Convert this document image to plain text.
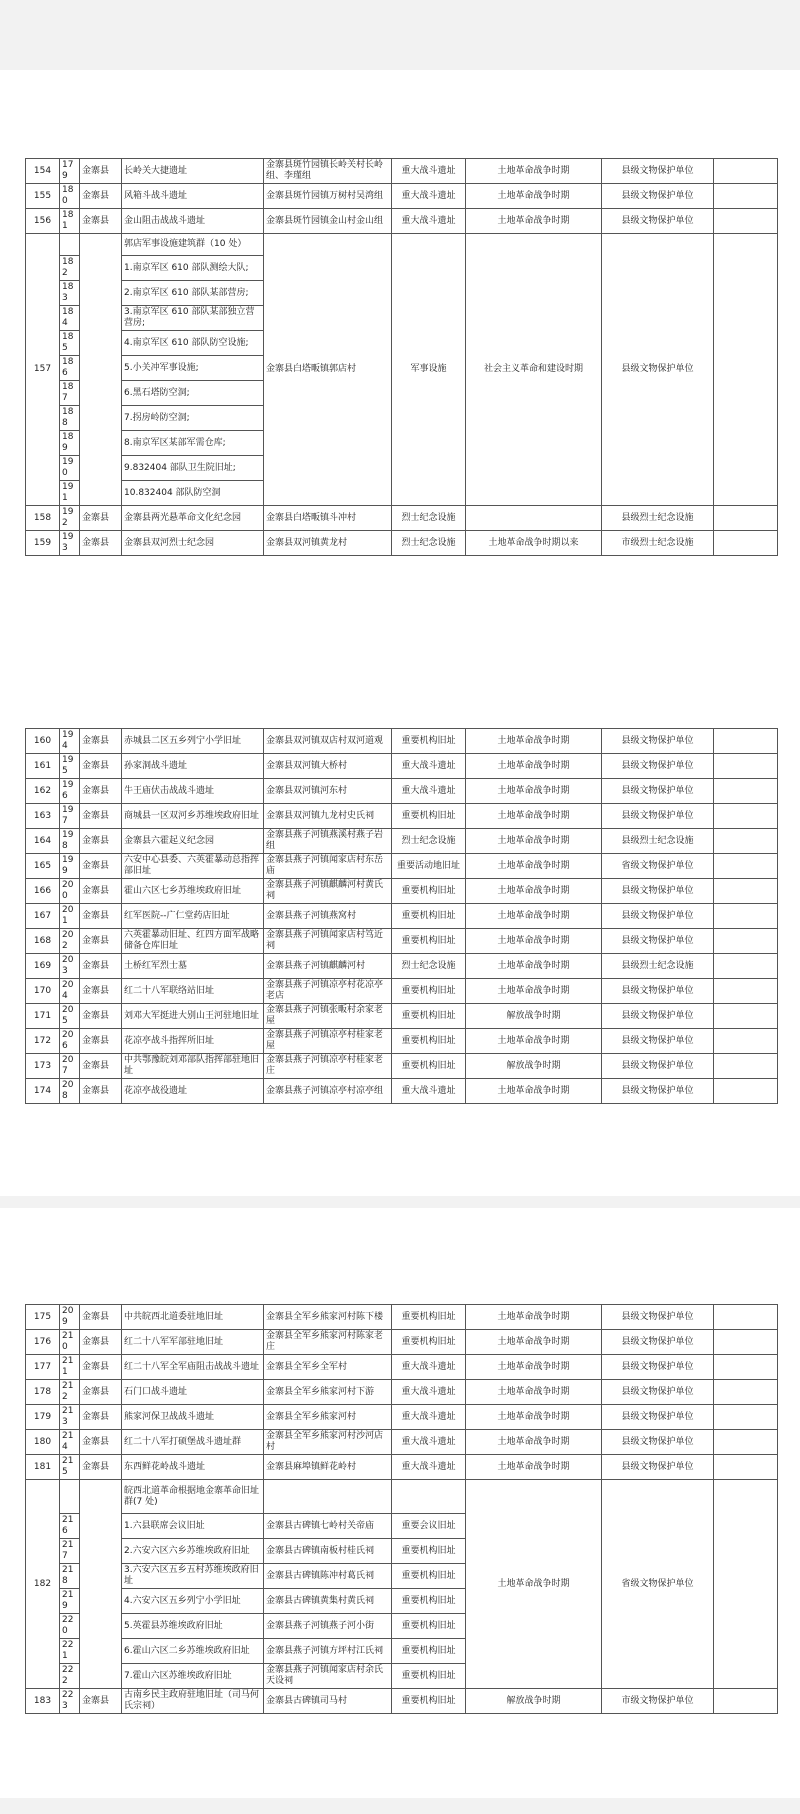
154	179	金寨县	长岭关大捷遗址	金寨县斑竹园镇长岭关村长岭组、李瑾组	重大战斗遗址	土地革命战争时期	县级文物保护单位	
155	180	金寨县	风箱斗战斗遗址	金寨县斑竹园镇万树村吴湾组	重大战斗遗址	土地革命战争时期	县级文物保护单位	
156	181	金寨县	金山阻击战战斗遗址	金寨县斑竹园镇金山村金山组	重大战斗遗址	土地革命战争时期	县级文物保护单位	
157			郭店军事设施建筑群（10 处）	金寨县白塔畈镇郭店村	军事设施	社会主义革命和建设时期	县级文物保护单位	
	182		1.南京军区 610 部队测绘大队;					
	183		2.南京军区 610 部队某部营房;					
	184		3.南京军区 610 部队某部独立营营房;					
	185		4.南京军区 610 部队防空设施;					
	186		5.小关冲军事设施;					
	187		6.黑石塔防空洞;					
	188		7.拐房岭防空洞;					
	189		8.南京军区某部军需仓库;					
	190		9.832404 部队卫生院旧址;					
	191		10.832404 部队防空洞					
158	192	金寨县	金寨县两光悬革命文化纪念园	金寨县白塔畈镇斗冲村	烈士纪念设施		县级烈士纪念设施	
159	193	金寨县	金寨县双河烈士纪念园	金寨县双河镇黄龙村	烈士纪念设施	土地革命战争时期以来	市级烈士纪念设施	
160	194	金寨县	赤城县二区五乡列宁小学旧址	金寨县双河镇双店村双河道观	重要机构旧址	土地革命战争时期	县级文物保护单位	
161	195	金寨县	孙家洞战斗遗址	金寨县双河镇大桥村	重大战斗遗址	土地革命战争时期	县级文物保护单位	
162	196	金寨县	牛王庙伏击战战斗遗址	金寨县双河镇河东村	重大战斗遗址	土地革命战争时期	县级文物保护单位	
163	197	金寨县	商城县一区双河乡苏维埃政府旧址	金寨县双河镇九龙村史氏祠	重要机构旧址	土地革命战争时期	县级文物保护单位	
164	198	金寨县	金寨县六霍起义纪念园	金寨县燕子河镇燕溪村燕子岩组	烈士纪念设施	土地革命战争时期	县级烈士纪念设施	
165	199	金寨县	六安中心县委、六英霍暴动总指挥部旧址	金寨县燕子河镇闻家店村东岳庙	重要活动地旧址	土地革命战争时期	省级文物保护单位	
166	200	金寨县	霍山六区七乡苏维埃政府旧址	金寨县燕子河镇麒麟河村黄氏祠	重要机构旧址	土地革命战争时期	县级文物保护单位	
167	201	金寨县	红军医院--广仁堂药店旧址	金寨县燕子河镇燕窝村	重要机构旧址	土地革命战争时期	县级文物保护单位	
168	202	金寨县	六英霍暴动旧址、红四方面军战略储备仓库旧址	金寨县燕子河镇闻家店村笃近祠	重要机构旧址	土地革命战争时期	县级文物保护单位	
169	203	金寨县	土桥红军烈士墓	金寨县燕子河镇麒麟河村	烈士纪念设施	土地革命战争时期	县级烈士纪念设施	
170	204	金寨县	红二十八军联络站旧址	金寨县燕子河镇凉亭村花凉亭老店	重要机构旧址	土地革命战争时期	县级文物保护单位	
171	205	金寨县	刘邓大军挺进大别山王河驻地旧址	金寨县燕子河镇张畈村余家老屋	重要机构旧址	解放战争时期	县级文物保护单位	
172	206	金寨县	花凉亭战斗指挥所旧址	金寨县燕子河镇凉亭村桂家老屋	重要机构旧址	土地革命战争时期	县级文物保护单位	
173	207	金寨县	中共鄂豫皖刘邓部队指挥部驻地旧址	金寨县燕子河镇凉亭村桂家老庄	重要机构旧址	解放战争时期	县级文物保护单位	
174	208	金寨县	花凉亭战役遗址	金寨县燕子河镇凉亭村凉亭组	重大战斗遗址	土地革命战争时期	县级文物保护单位	
175	209	金寨县	中共皖西北道委驻地旧址	金寨县全军乡熊家河村陈下楼	重要机构旧址	土地革命战争时期	县级文物保护单位	
176	210	金寨县	红二十八军军部驻地旧址	金寨县全军乡熊家河村陈家老庄	重要机构旧址	土地革命战争时期	县级文物保护单位	
177	211	金寨县	红二十八军全军庙阻击战战斗遗址	金寨县全军乡全军村	重大战斗遗址	土地革命战争时期	县级文物保护单位	
178	212	金寨县	石门口战斗遗址	金寨县全军乡熊家河村下游	重大战斗遗址	土地革命战争时期	县级文物保护单位	
179	213	金寨县	熊家河保卫战战斗遗址	金寨县全军乡熊家河村	重大战斗遗址	土地革命战争时期	县级文物保护单位	
180	214	金寨县	红二十八军打硕堡战斗遗址群	金寨县全军乡熊家河村沙河店村	重大战斗遗址	土地革命战争时期	县级文物保护单位	
181	215	金寨县	东西鲜花岭战斗遗址	金寨县麻埠镇鲜花岭村	重大战斗遗址	土地革命战争时期	县级文物保护单位	
182			皖西北道革命根据地金寨革命旧址群(7 处)			土地革命战争时期	省级文物保护单位	
	216		1.六县联席会议旧址	金寨县古碑镇七岭村关帝庙	重要会议旧址			
	217		2.六安六区六乡苏维埃政府旧址	金寨县古碑镇南板村桂氏祠	重要机构旧址			
	218		3.六安六区五乡五村苏维埃政府旧址	金寨县古碑镇陈冲村葛氏祠	重要机构旧址			
	219		4.六安六区五乡列宁小学旧址	金寨县古碑镇黄集村黄氏祠	重要机构旧址			
	220		5.英霍县苏维埃政府旧址	金寨县燕子河镇燕子河小街	重要机构旧址			
	221		6.霍山六区二乡苏维埃政府旧址	金寨县燕子河镇方坪村江氏祠	重要机构旧址			
	222		7.霍山六区苏维埃政府旧址	金寨县燕子河镇闻家店村余氏天设祠	重要机构旧址			
183	223	金寨县	古南乡民主政府驻地旧址（司马何氏宗祠）	金寨县古碑镇司马村	重要机构旧址	解放战争时期	市级文物保护单位	
